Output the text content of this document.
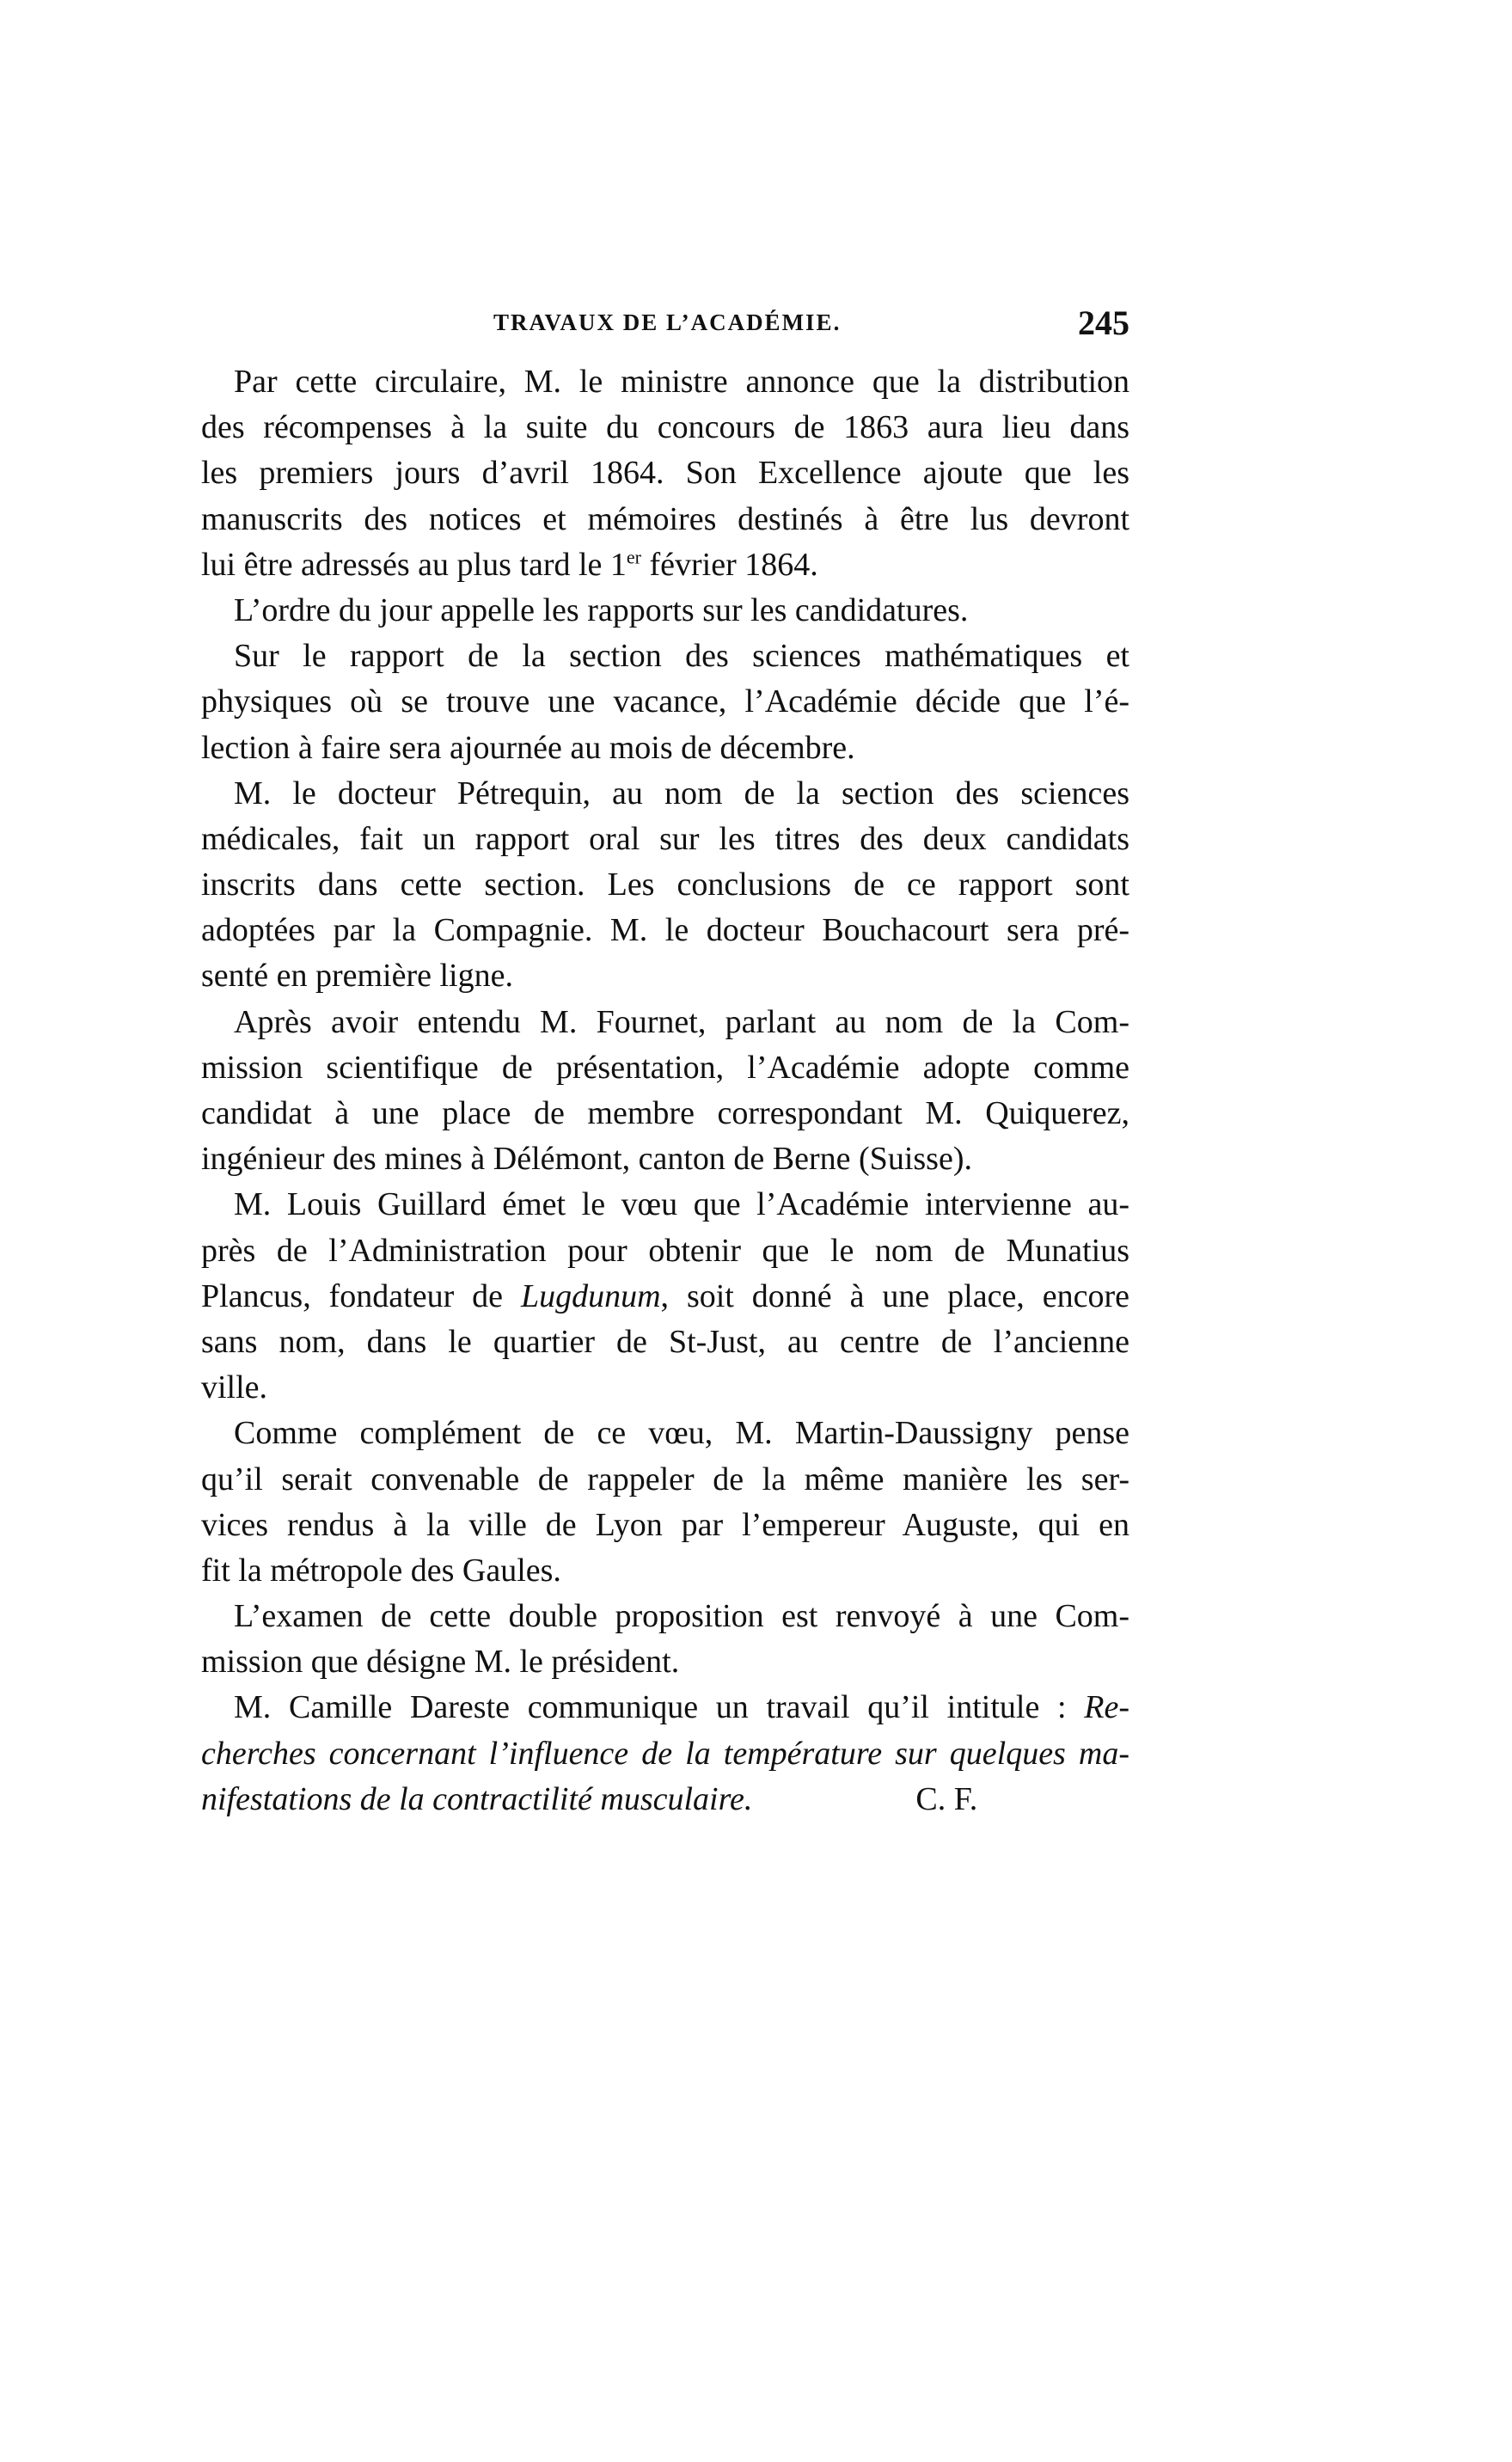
TRAVAUX DE L’ACADÉMIE.	245
Par cette circulaire, M. le ministre annonce que la distribution
des récompenses à la suite du concours de 1863 aura lieu dans
les premiers jours d’avril 1864. Son Excellence ajoute que les
manuscrits des notices et mémoires destinés à être lus devront
lui être adressés au plus tard le 1er février 1864.
L’ordre du jour appelle les rapports sur les candidatures.
Sur le rapport de la section des sciences mathématiques et
physiques où se trouve une vacance, l’Académie décide que l’é-
lection à faire sera ajournée au mois de décembre.
M. le docteur Pétrequin, au nom de la section des sciences
médicales, fait un rapport oral sur les titres des deux candidats
inscrits dans cette section. Les conclusions de ce rapport sont
adoptées par la Compagnie. M. le docteur Bouchacourt sera pré-
senté en première ligne.
Après avoir entendu M. Fournet, parlant au nom de la Com-
mission scientifique de présentation, l’Académie adopte comme
candidat à une place de membre correspondant M. Quiquerez,
ingénieur des mines à Délémont, canton de Berne (Suisse).
M. Louis Guillard émet le vœu que l’Académie intervienne au-
près de l’Administration pour obtenir que le nom de Munatius
Plancus, fondateur de Lugdunum, soit donné à une place, encore
sans nom, dans le quartier de St-Just, au centre de l’ancienne
ville.
Comme complément de ce vœu, M. Martin-Daussigny pense
qu’il serait convenable de rappeler de la même manière les ser-
vices rendus à la ville de Lyon par l’empereur Auguste, qui en
fit la métropole des Gaules.
L’examen de cette double proposition est renvoyé à une Com-
mission que désigne M. le président.
M. Camille Dareste communique un travail qu’il intitule : Re-
cherches concernant l’influence de la température sur quelques ma-
nifestations de la contractilité musculaire.	C. F.
